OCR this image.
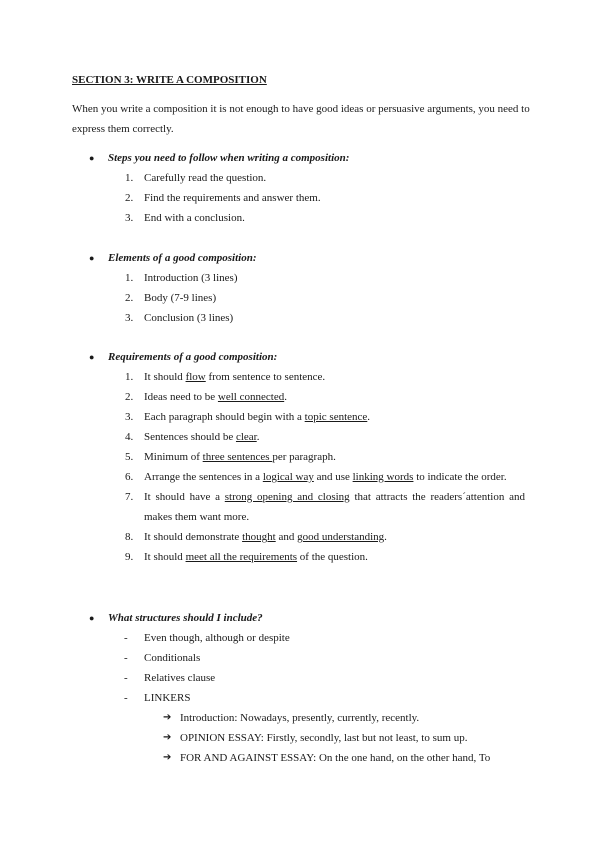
SECTION 3: WRITE A COMPOSITION
When you write a composition it is not enough to have good ideas or persuasive arguments, you need to express them correctly.
● Steps you need to follow when writing a composition:
1. Carefully read the question.
2. Find the requirements and answer them.
3. End with a conclusion.
● Elements of a good composition:
1. Introduction (3 lines)
2. Body (7-9 lines)
3. Conclusion (3 lines)
● Requirements of a good composition:
1. It should flow from sentence to sentence.
2. Ideas need to be well connected.
3. Each paragraph should begin with a topic sentence.
4. Sentences should be clear.
5. Minimum of three sentences per paragraph.
6. Arrange the sentences in a logical way and use linking words to indicate the order.
7. It should have a strong opening and closing that attracts the readers´attention and makes them want more.
8. It should demonstrate thought and good understanding.
9. It should meet all the requirements of the question.
● What structures should I include?
- Even though, although or despite
- Conditionals
- Relatives clause
- LINKERS
➔ Introduction: Nowadays, presently, currently, recently.
➔ OPINION ESSAY: Firstly, secondly, last but not least, to sum up.
➔ FOR AND AGAINST ESSAY: On the one hand, on the other hand, To
